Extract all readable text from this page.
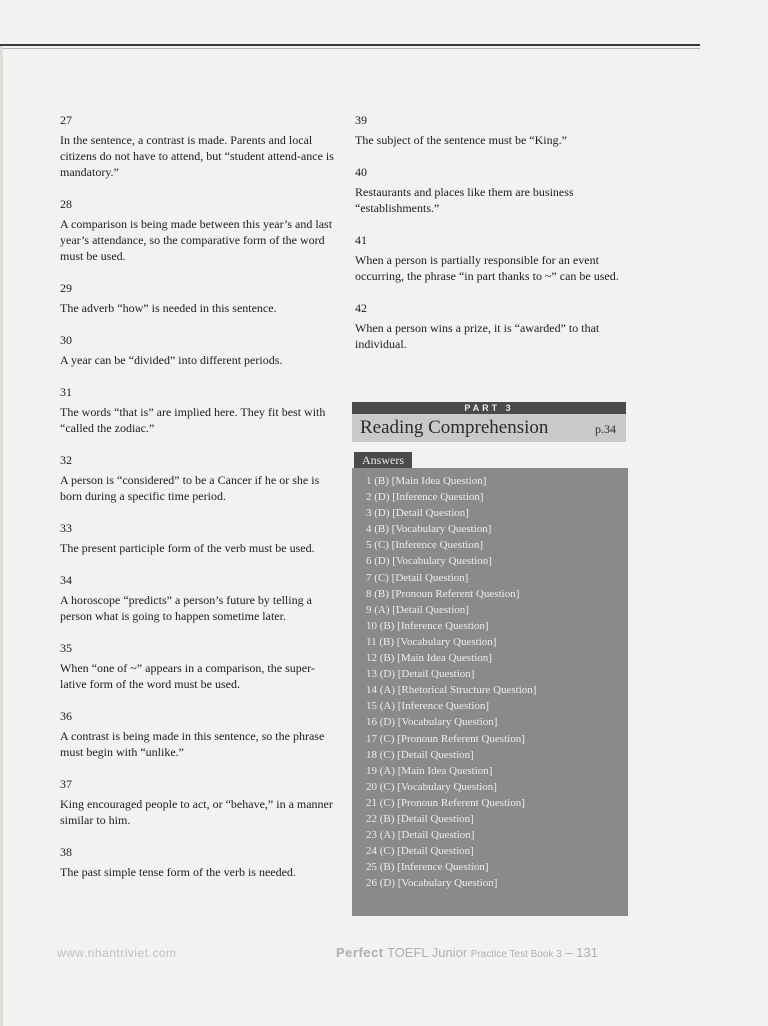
27
In the sentence, a contrast is made. Parents and local citizens do not have to attend, but “student attend-ance is mandatory.”
28
A comparison is being made between this year’s and last year’s attendance, so the comparative form of the word must be used.
29
The adverb “how” is needed in this sentence.
30
A year can be “divided” into different periods.
31
The words “that is” are implied here. They fit best with “called the zodiac.”
32
A person is “considered” to be a Cancer if he or she is born during a specific time period.
33
The present participle form of the verb must be used.
34
A horoscope “predicts” a person’s future by telling a person what is going to happen sometime later.
35
When “one of ~” appears in a comparison, the super-lative form of the word must be used.
36
A contrast is being made in this sentence, so the phrase must begin with “unlike.”
37
King encouraged people to act, or “behave,” in a manner similar to him.
38
The past simple tense form of the verb is needed.
39
The subject of the sentence must be “King.”
40
Restaurants and places like them are business “establishments.”
41
When a person is partially responsible for an event occurring, the phrase “in part thanks to ~” can be used.
42
When a person wins a prize, it is “awarded” to that individual.
PART 3
Reading Comprehension	p.34
Answers
1 (B) [Main Idea Question]
2 (D) [Inference Question]
3 (D) [Detail Question]
4 (B) [Vocabulary Question]
5 (C) [Inference Question]
6 (D) [Vocabulary Question]
7 (C) [Detail Question]
8 (B) [Pronoun Referent Question]
9 (A) [Detail Question]
10 (B) [Inference Question]
11 (B) [Vocabulary Question]
12 (B) [Main Idea Question]
13 (D) [Detail Question]
14 (A) [Rhetorical Structure Question]
15 (A) [Inference Question]
16 (D) [Vocabulary Question]
17 (C) [Pronoun Referent Question]
18 (C) [Detail Question]
19 (A) [Main Idea Question]
20 (C) [Vocabulary Question]
21 (C) [Pronoun Referent Question]
22 (B) [Detail Question]
23 (A) [Detail Question]
24 (C) [Detail Question]
25 (B) [Inference Question]
26 (D) [Vocabulary Question]
www.nhantriviet.com	Perfect TOEFL Junior Practice Test Book 3 – 131
